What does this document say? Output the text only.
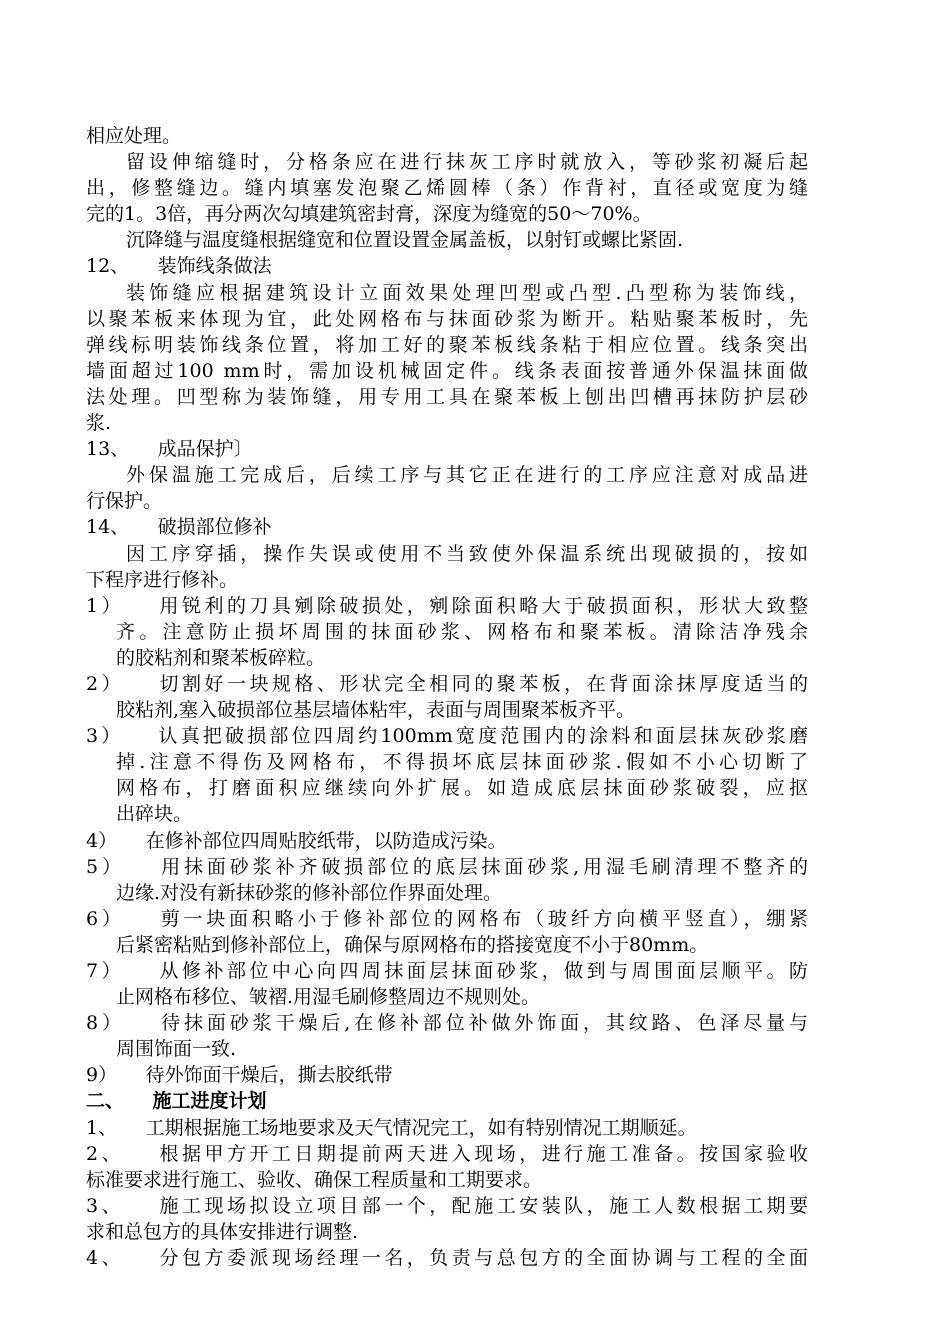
相应处理。
留设伸缩缝时，分格条应在进行抹灰工序时就放入，等砂浆初凝后起
出，修整缝边。缝内填塞发泡聚乙烯圆棒（条）作背衬，直径或宽度为缝
完的1。3倍，再分两次勾填建筑密封膏，深度为缝宽的50～70%。
沉降缝与温度缝根据缝宽和位置设置金属盖板，以射钉或螺比紧固.
12、　　装饰线条做法
装饰缝应根据建筑设计立面效果处理凹型或凸型.凸型称为装饰线，
以聚苯板来体现为宜，此处网格布与抹面砂浆为断开。粘贴聚苯板时，先
弹线标明装饰线条位置，将加工好的聚苯板线条粘于相应位置。线条突出
墙面超过100 mm时，需加设机械固定件。线条表面按普通外保温抹面做
法处理。凹型称为装饰缝，用专用工具在聚苯板上刨出凹槽再抹防护层砂
浆.
13、　　成品保护〕
外保温施工完成后，后续工序与其它正在进行的工序应注意对成品进
行保护。
14、　　破损部位修补
因工序穿插，操作失误或使用不当致使外保温系统出现破损的，按如
下程序进行修补。
1）　　用锐利的刀具剜除破损处，剜除面积略大于破损面积，形状大致整
齐。注意防止损坏周围的抹面砂浆、网格布和聚苯板。清除洁净残余
的胶粘剂和聚苯板碎粒。
2）　　切割好一块规格、形状完全相同的聚苯板，在背面涂抹厚度适当的
胶粘剂,塞入破损部位基层墙体粘牢，表面与周围聚苯板齐平。
3）　　认真把破损部位四周约100mm宽度范围内的涂料和面层抹灰砂浆磨
掉.注意不得伤及网格布，不得损坏底层抹面砂浆.假如不小心切断了
网格布，打磨面积应继续向外扩展。如造成底层抹面砂浆破裂，应抠
出碎块。
4）　　在修补部位四周贴胶纸带，以防造成污染。
5）　　用抹面砂浆补齐破损部位的底层抹面砂浆,用湿毛刷清理不整齐的
边缘.对没有新抹砂浆的修补部位作界面处理。
6）　　剪一块面积略小于修补部位的网格布（玻纤方向横平竖直），绷紧
后紧密粘贴到修补部位上，确保与原网格布的搭接宽度不小于80mm。
7）　　从修补部位中心向四周抹面层抹面砂浆，做到与周围面层顺平。防
止网格布移位、皱褶.用湿毛刷修整周边不规则处。
8）　　待抹面砂浆干燥后,在修补部位补做外饰面，其纹路、色泽尽量与
周围饰面一致.
9）　　待外饰面干燥后，撕去胶纸带
二、　　施工进度计划
1、　　工期根据施工场地要求及天气情况完工，如有特别情况工期顺延。
2、　　根据甲方开工日期提前两天进入现场，进行施工准备。按国家验收
标准要求进行施工、验收、确保工程质量和工期要求。
3、　　施工现场拟设立项目部一个，配施工安装队，施工人数根据工期要
求和总包方的具体安排进行调整.
4、　　分包方委派现场经理一名，负责与总包方的全面协调与工程的全面
